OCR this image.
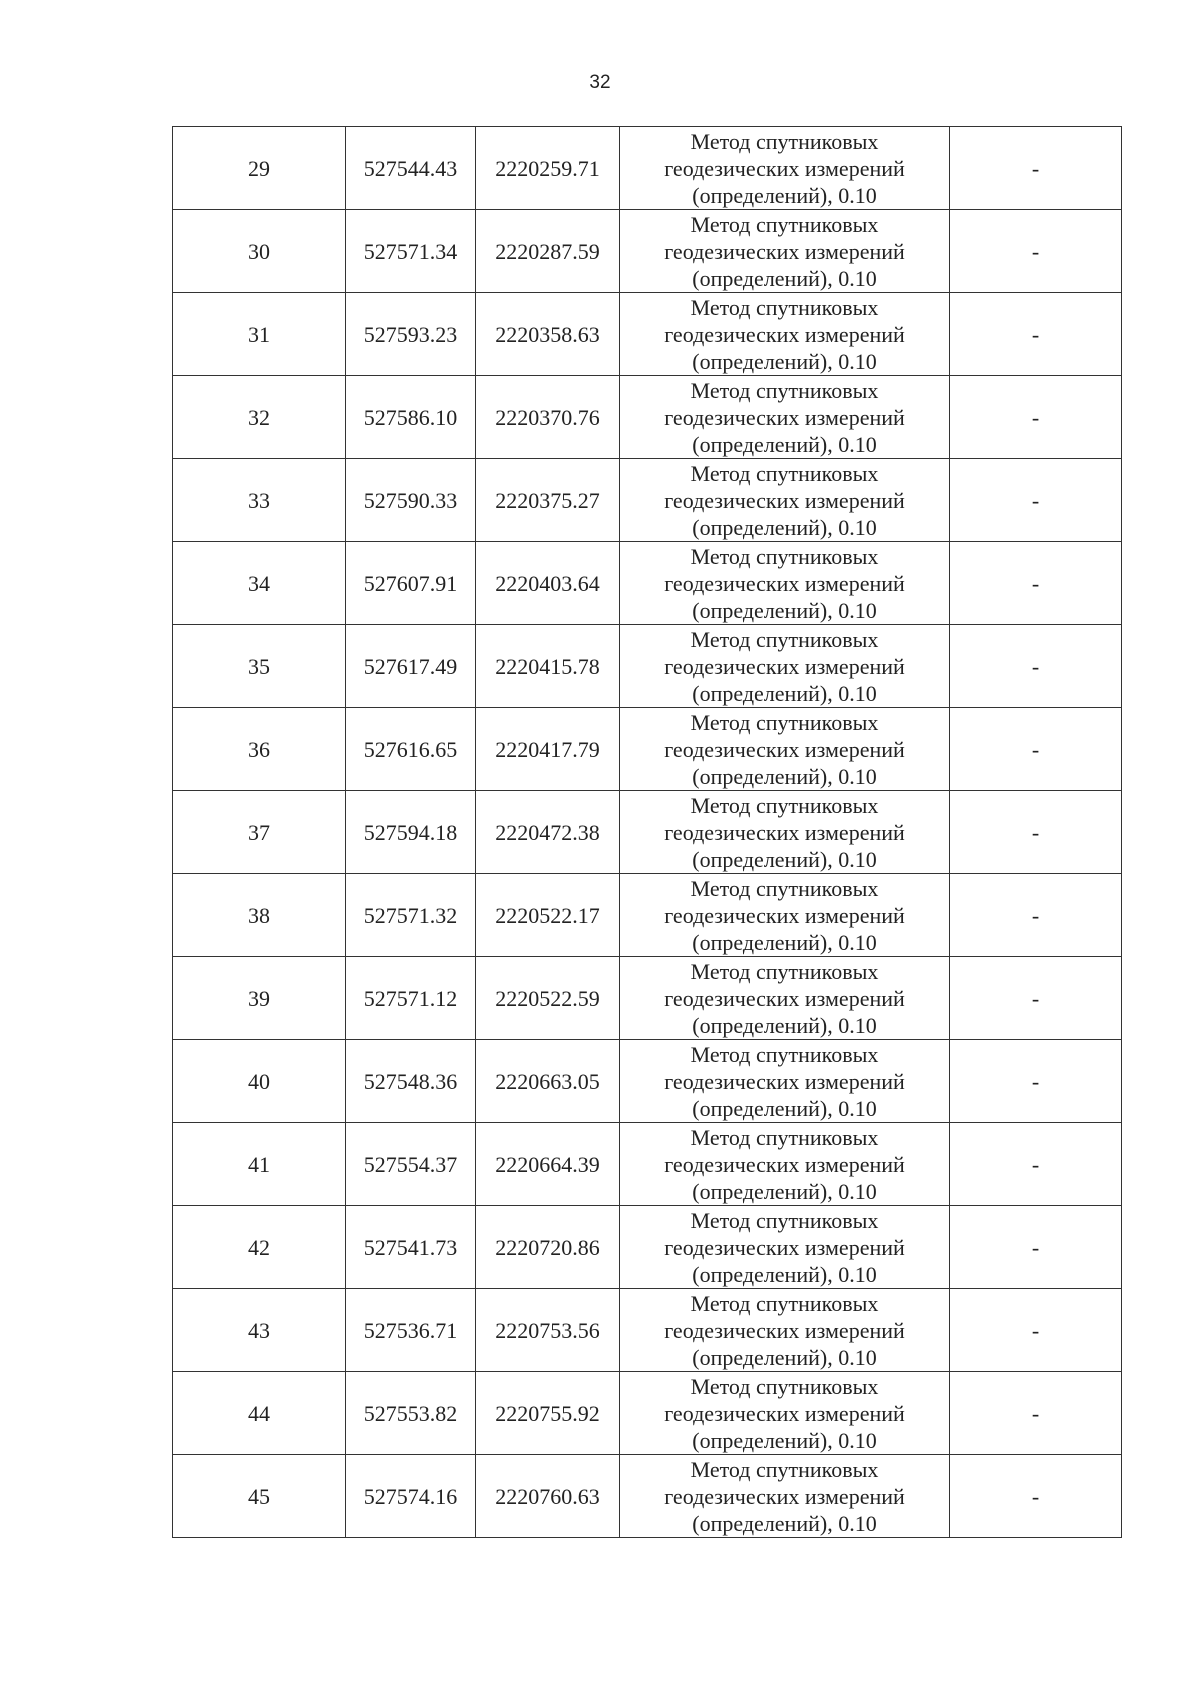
32
29	527544.43	2220259.71	Метод спутниковых
геодезических измерений
(определений), 0.10	-
30	527571.34	2220287.59	Метод спутниковых
геодезических измерений
(определений), 0.10	-
31	527593.23	2220358.63	Метод спутниковых
геодезических измерений
(определений), 0.10	-
32	527586.10	2220370.76	Метод спутниковых
геодезических измерений
(определений), 0.10	-
33	527590.33	2220375.27	Метод спутниковых
геодезических измерений
(определений), 0.10	-
34	527607.91	2220403.64	Метод спутниковых
геодезических измерений
(определений), 0.10	-
35	527617.49	2220415.78	Метод спутниковых
геодезических измерений
(определений), 0.10	-
36	527616.65	2220417.79	Метод спутниковых
геодезических измерений
(определений), 0.10	-
37	527594.18	2220472.38	Метод спутниковых
геодезических измерений
(определений), 0.10	-
38	527571.32	2220522.17	Метод спутниковых
геодезических измерений
(определений), 0.10	-
39	527571.12	2220522.59	Метод спутниковых
геодезических измерений
(определений), 0.10	-
40	527548.36	2220663.05	Метод спутниковых
геодезических измерений
(определений), 0.10	-
41	527554.37	2220664.39	Метод спутниковых
геодезических измерений
(определений), 0.10	-
42	527541.73	2220720.86	Метод спутниковых
геодезических измерений
(определений), 0.10	-
43	527536.71	2220753.56	Метод спутниковых
геодезических измерений
(определений), 0.10	-
44	527553.82	2220755.92	Метод спутниковых
геодезических измерений
(определений), 0.10	-
45	527574.16	2220760.63	Метод спутниковых
геодезических измерений
(определений), 0.10	-
